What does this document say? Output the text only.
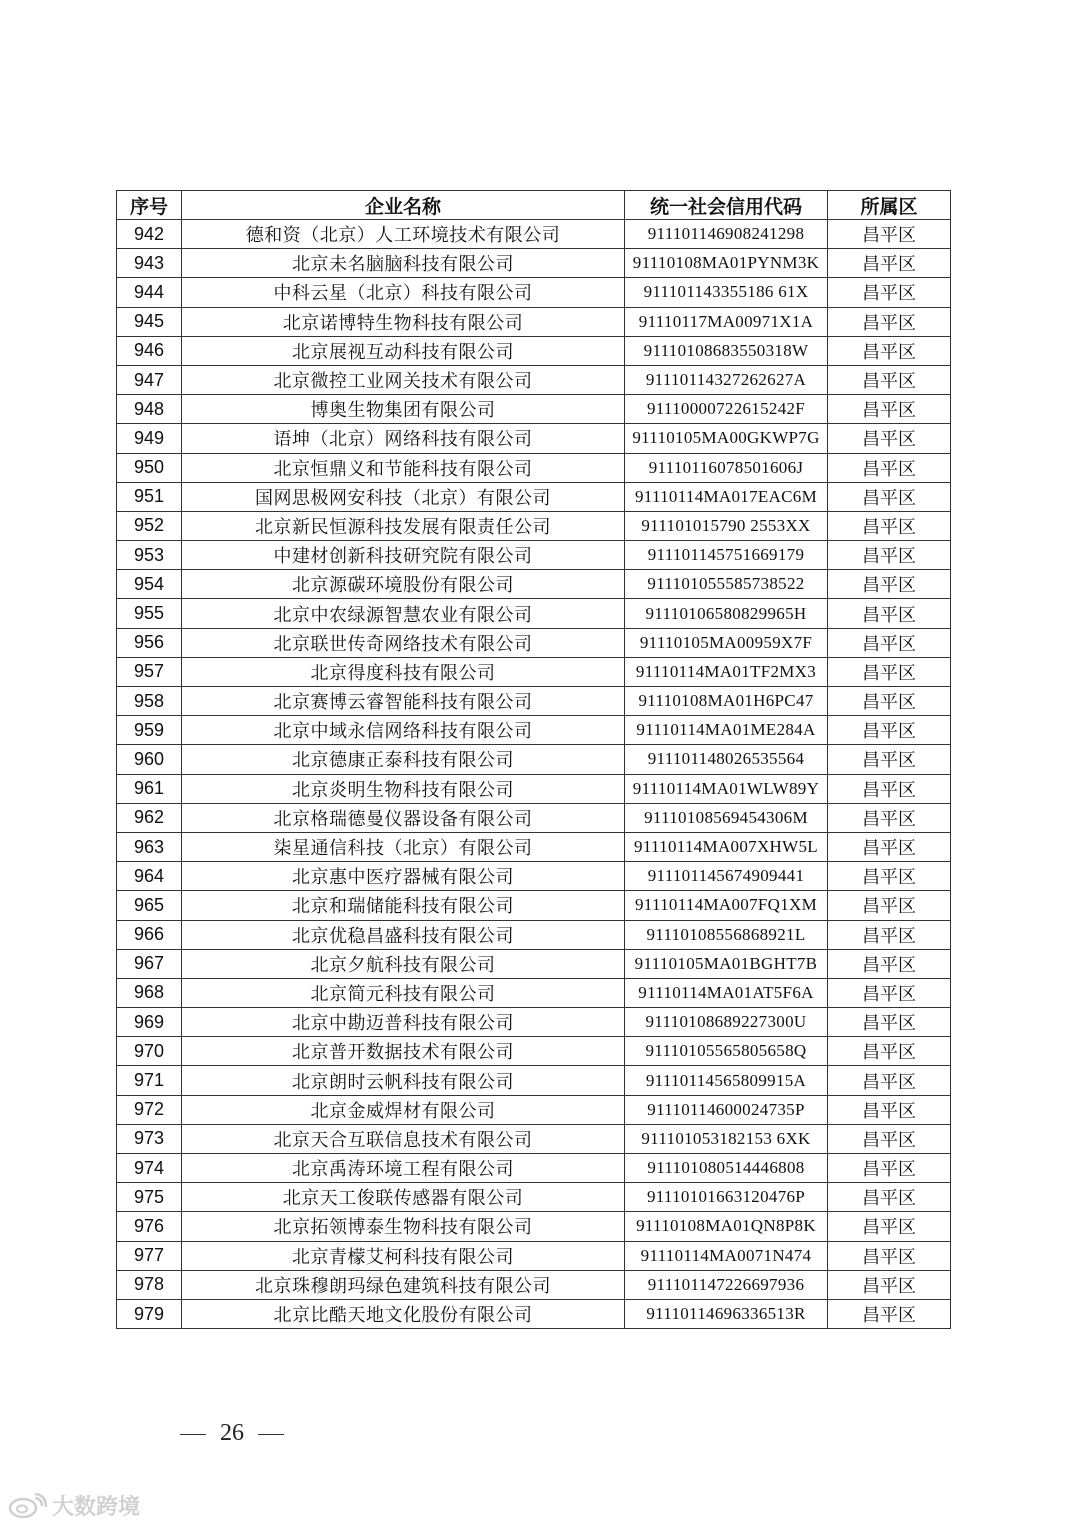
序号	企业名称	统一社会信用代码	所属区
942	德和资（北京）人工环境技术有限公司	911101146908241298	昌平区
943	北京未名脑脑科技有限公司	91110108MA01PYNM3K	昌平区
944	中科云星（北京）科技有限公司	911101143355186 61X	昌平区
945	北京诺博特生物科技有限公司	91110117MA00971X1A	昌平区
946	北京展视互动科技有限公司	91110108683550318W	昌平区
947	北京微控工业网关技术有限公司	91110114327262627A	昌平区
948	博奥生物集团有限公司	91110000722615242F	昌平区
949	语坤（北京）网络科技有限公司	91110105MA00GKWP7G	昌平区
950	北京恒鼎义和节能科技有限公司	91110116078501606J	昌平区
951	国网思极网安科技（北京）有限公司	91110114MA017EAC6M	昌平区
952	北京新民恒源科技发展有限责任公司	911101015790 2553XX	昌平区
953	中建材创新科技研究院有限公司	911101145751669179	昌平区
954	北京源碳环境股份有限公司	911101055585738522	昌平区
955	北京中农绿源智慧农业有限公司	91110106580829965H	昌平区
956	北京联世传奇网络技术有限公司	91110105MA00959X7F	昌平区
957	北京得度科技有限公司	91110114MA01TF2MX3	昌平区
958	北京赛博云睿智能科技有限公司	91110108MA01H6PC47	昌平区
959	北京中域永信网络科技有限公司	91110114MA01ME284A	昌平区
960	北京德康正泰科技有限公司	911101148026535564	昌平区
961	北京炎明生物科技有限公司	91110114MA01WLW89Y	昌平区
962	北京格瑞德曼仪器设备有限公司	91110108569454306M	昌平区
963	柒星通信科技（北京）有限公司	91110114MA007XHW5L	昌平区
964	北京惠中医疗器械有限公司	911101145674909441	昌平区
965	北京和瑞储能科技有限公司	91110114MA007FQ1XM	昌平区
966	北京优稳昌盛科技有限公司	91110108556868921L	昌平区
967	北京夕航科技有限公司	91110105MA01BGHT7B	昌平区
968	北京简元科技有限公司	91110114MA01AT5F6A	昌平区
969	北京中勘迈普科技有限公司	91110108689227300U	昌平区
970	北京普开数据技术有限公司	91110105565805658Q	昌平区
971	北京朗时云帆科技有限公司	91110114565809915A	昌平区
972	北京金威焊材有限公司	91110114600024735P	昌平区
973	北京天合互联信息技术有限公司	911101053182153 6XK	昌平区
974	北京禹涛环境工程有限公司	911101080514446808	昌平区
975	北京天工俊联传感器有限公司	91110101663120476P	昌平区
976	北京拓领博泰生物科技有限公司	91110108MA01QN8P8K	昌平区
977	北京青檬艾柯科技有限公司	91110114MA0071N474	昌平区
978	北京珠穆朗玛绿色建筑科技有限公司	911101147226697936	昌平区
979	北京比酷天地文化股份有限公司	91110114696336513R	昌平区
26
大数跨境
